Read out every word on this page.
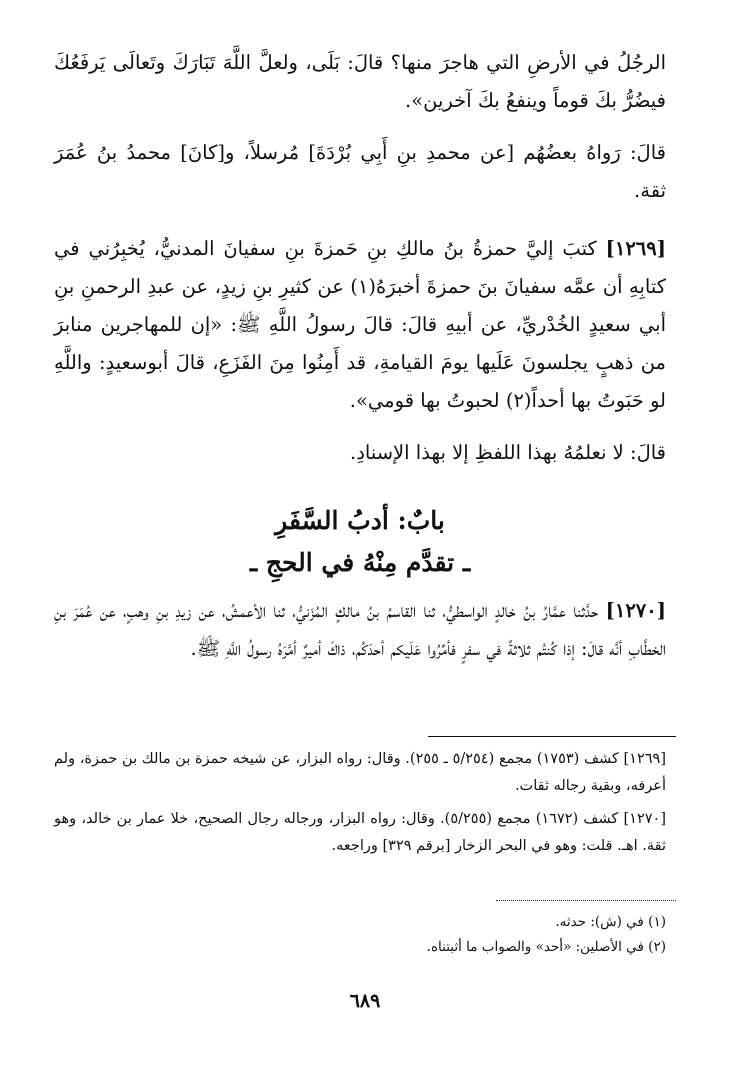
الرجُلُ في الأرضِ التي هاجرَ منها؟ قالَ: بَلَى، ولعلَّ اللَّهَ تَبَارَكَ وتَعالَى يَرفَعُكَ فيضُرُّ بكَ قوماً وينفعُ بكَ آخرين».

قالَ: رَواهُ بعضُهُم [عن محمدِ بنِ أَبِي بُرْدَةَ] مُرسلاً، و[كانَ] محمدُ بنُ عُمَرَ ثقة.

[١٢٦٩] كتبَ إليَّ حمزةُ بنُ مالكِ بنِ حَمزةَ بنِ سفيانَ المدنيُّ، يُخبِرُني في كتابِهِ أن عمَّه سفيانَ بنَ حمزةَ أخبرَهُ(١) عن كثيرِ بنِ زيدٍ، عن عبدِ الرحمنِ بنِ أبي سعيدٍ الخُدْريِّ، عن أبيهِ قالَ: قالَ رسولُ اللَّهِ ﷺ: «إن للمهاجرين منابرَ من ذهبٍ يجلسونَ عَلَيها يومَ القيامةِ، قد أَمِنُوا مِنَ الفَزَعِ، قالَ أبوسعيدٍ: واللَّهِ لو حَبَوتُ بها أحداً(٢) لحبوتُ بها قومي».

قالَ: لا نعلمُهُ بهذا اللفظِ إلا بهذا الإسنادِ.

بابٌ: أدبُ السَّفَرِ
ـ تقدَّم مِنْهُ في الحجِ ـ

[١٢٧٠] حدَّثنا عمَّارُ بنُ خالدٍ الواسطيُّ، ثنا القاسمُ بنُ مالكٍ المُزَنيُّ، ثنا الأعمشُ، عن زيدِ بنِ وهبٍ، عن عُمَرَ بنِ الخطَّابِ أنَّه قالَ: إذا كُنتُم ثلاثةً في سفرٍ فأمِّرُوا عَلَيكم أحدَكُم، ذاكَ أميرٌ أمَّرَهُ رسولُ اللَّهِ ﷺ.

[١٢٦٩] كشف (١٧٥٣) مجمع (٥/٢٥٤ ـ ٢٥٥). وقال: رواه البزار، عن شيخه حمزة بن مالك بن حمزة، ولم أعرفه، وبقية رجاله ثقات.

[١٢٧٠] كشف (١٦٧٢) مجمع (٥/٢٥٥). وقال: رواه البزار، ورجاله رجال الصحيح، خلا عمار بن خالد، وهو ثقة. اهـ. قلت: وهو في البحر الزخار [برقم ٣٢٩] وراجعه.

(١) في (ش): حدثه.
(٢) في الأصلين: «أحد» والصواب ما أثبتناه.
٦٨٩
